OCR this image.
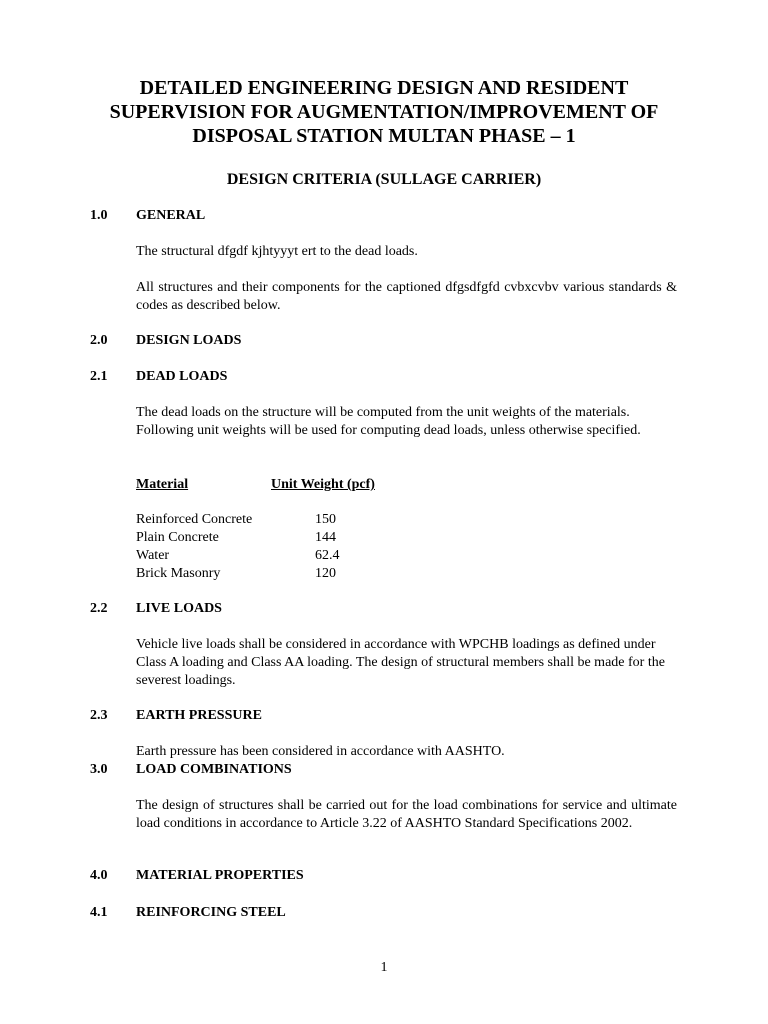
DETAILED ENGINEERING DESIGN AND RESIDENT
SUPERVISION FOR AUGMENTATION/IMPROVEMENT OF
DISPOSAL STATION MULTAN PHASE – 1
DESIGN CRITERIA (SULLAGE CARRIER)
1.0 GENERAL
The structural dfgdf kjhtyyyt ert to the dead loads.
All structures and their components for the captioned dfgsdfgfd cvbxcvbv various standards & codes as described below.
2.0 DESIGN LOADS
2.1 DEAD LOADS
The dead loads on the structure will be computed from the unit weights of the materials. Following unit weights will be used for computing dead loads, unless otherwise specified.
Material	Unit Weight (pcf)
Reinforced Concrete	150
Plain Concrete	144
Water	62.4
Brick Masonry	120
2.2 LIVE LOADS
Vehicle live loads shall be considered in accordance with WPCHB loadings as defined under Class A loading and Class AA loading. The design of structural members shall be made for the severest loadings.
2.3 EARTH PRESSURE
Earth pressure has been considered in accordance with AASHTO.
3.0 LOAD COMBINATIONS
The design of structures shall be carried out for the load combinations for service and ultimate load conditions in accordance to Article 3.22 of AASHTO Standard Specifications 2002.
4.0 MATERIAL PROPERTIES
4.1 REINFORCING STEEL
1
